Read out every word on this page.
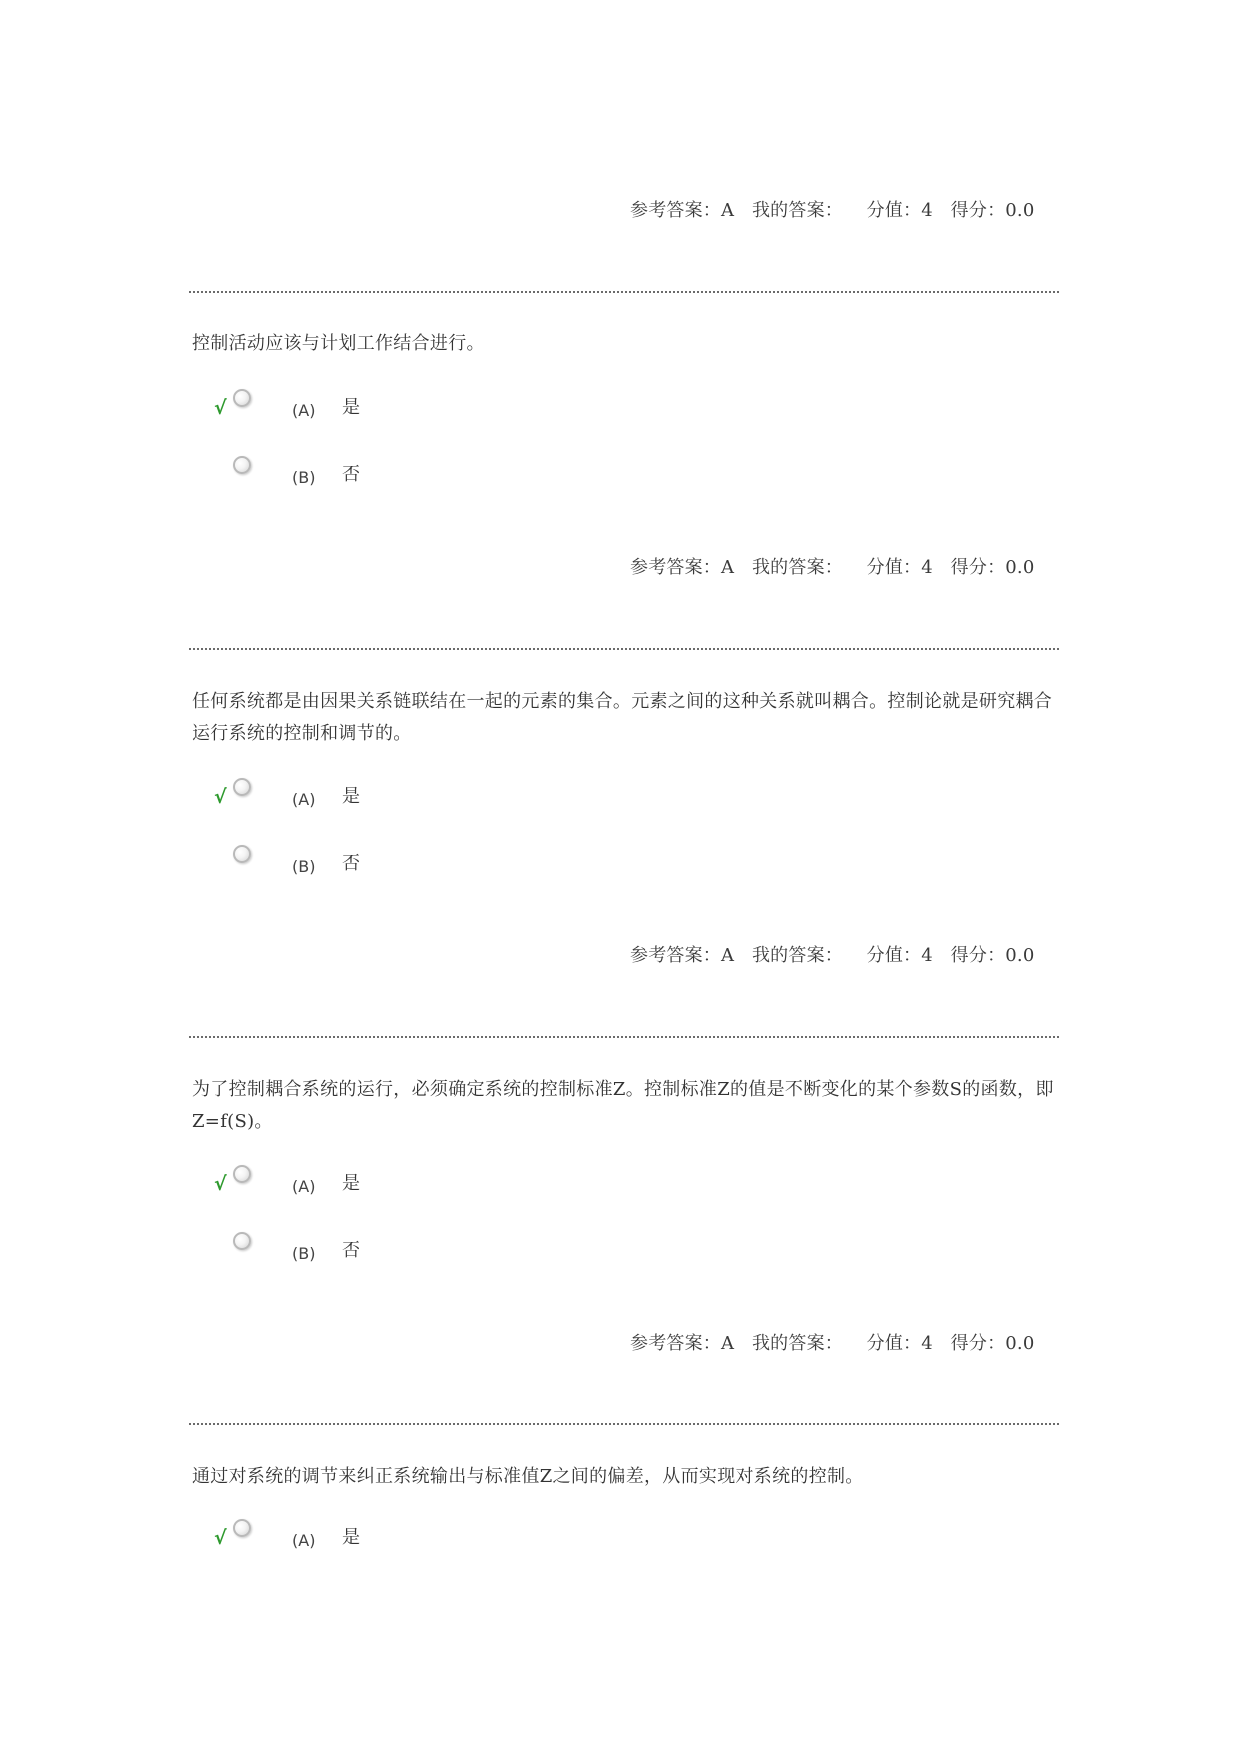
参考答案：A   我的答案：    分值：4   得分：0.0
控制活动应该与计划工作结合进行。
√	(A) 是
(B) 否
参考答案：A   我的答案：    分值：4   得分：0.0
任何系统都是由因果关系链联结在一起的元素的集合。元素之间的这种关系就叫耦合。控制论就是研究耦合运行系统的控制和调节的。
√	(A) 是
(B) 否
参考答案：A   我的答案：    分值：4   得分：0.0
为了控制耦合系统的运行，必须确定系统的控制标准Z。控制标准Z的值是不断变化的某个参数S的函数，即Z=f(S)。
√	(A) 是
(B) 否
参考答案：A   我的答案：    分值：4   得分：0.0
通过对系统的调节来纠正系统输出与标准值Z之间的偏差，从而实现对系统的控制。
√	(A) 是
